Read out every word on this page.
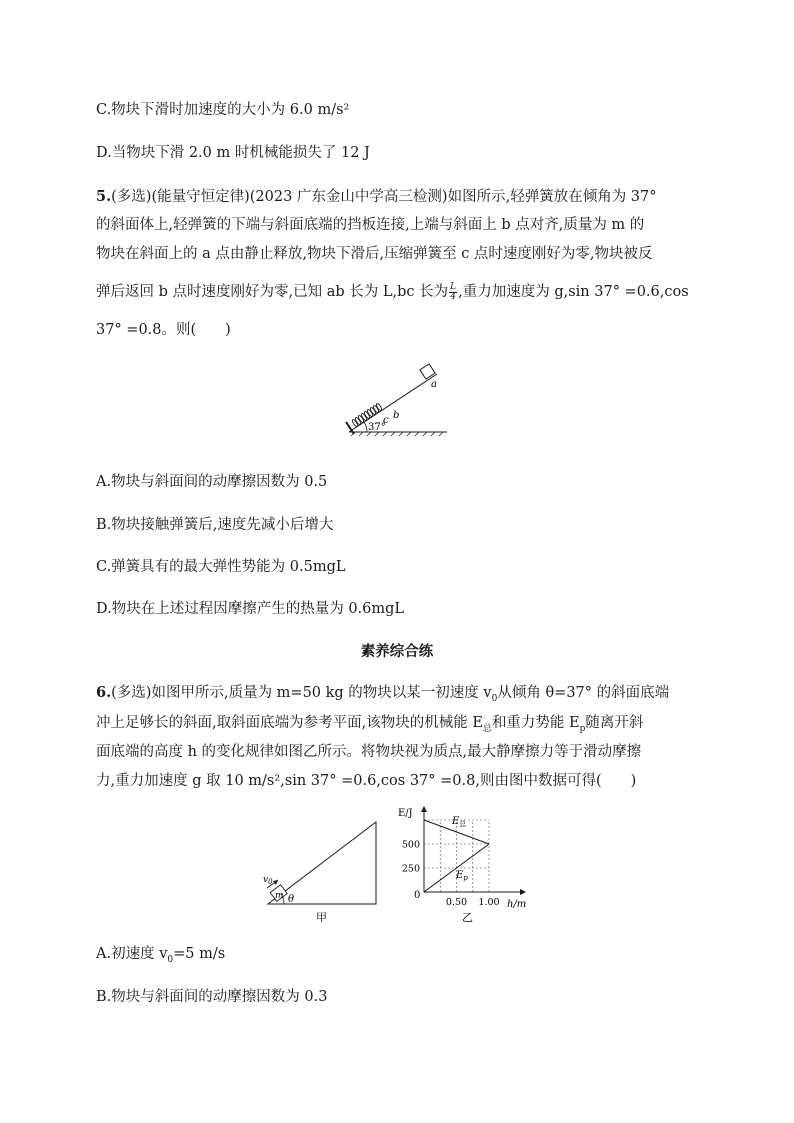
C.物块下滑时加速度的大小为 6.0 m/s²
D.当物块下滑 2.0 m 时机械能损失了 12 J
5.(多选)(能量守恒定律)(2023 广东金山中学高三检测)如图所示,轻弹簧放在倾角为 37°
的斜面体上,轻弹簧的下端与斜面底端的挡板连接,上端与斜面上 b 点对齐,质量为 m 的
物块在斜面上的 a 点由静止释放,物块下滑后,压缩弹簧至 c 点时速度刚好为零,物块被反
弹后返回 b 点时速度刚好为零,已知 ab 长为 L,bc 长为 $\frac{L}{4}$ ,重力加速度为 g,sin 37° =0.6,cos
37° =0.8。则(　　)
37°
a
b
c
A.物块与斜面间的动摩擦因数为 0.5
B.物块接触弹簧后,速度先减小后增大
C.弹簧具有的最大弹性势能为 0.5mgL
D.物块在上述过程因摩擦产生的热量为 0.6mgL
素养综合练
6.(多选)如图甲所示,质量为 m=50 kg 的物块以某一初速度 $v_0$从倾角 θ=37° 的斜面底端
冲上足够长的斜面,取斜面底端为参考平面,该物块的机械能 $E_总$和重力势能 $E_p$随离开斜
面底端的高度 h 的变化规律如图乙所示。将物块视为质点,最大静摩擦力等于滑动摩擦
力,重力加速度 g 取 10 m/s²,sin 37° =0.6,cos 37° =0.8,则由图中数据可得(　　)
m
$v_0$
θ
甲
E/J
h/m
0
250
500
0.50 1.00
$E_总$
$E_p$
乙
A.初速度 $v_0=5$ m/s
B.物块与斜面间的动摩擦因数为 0.3
